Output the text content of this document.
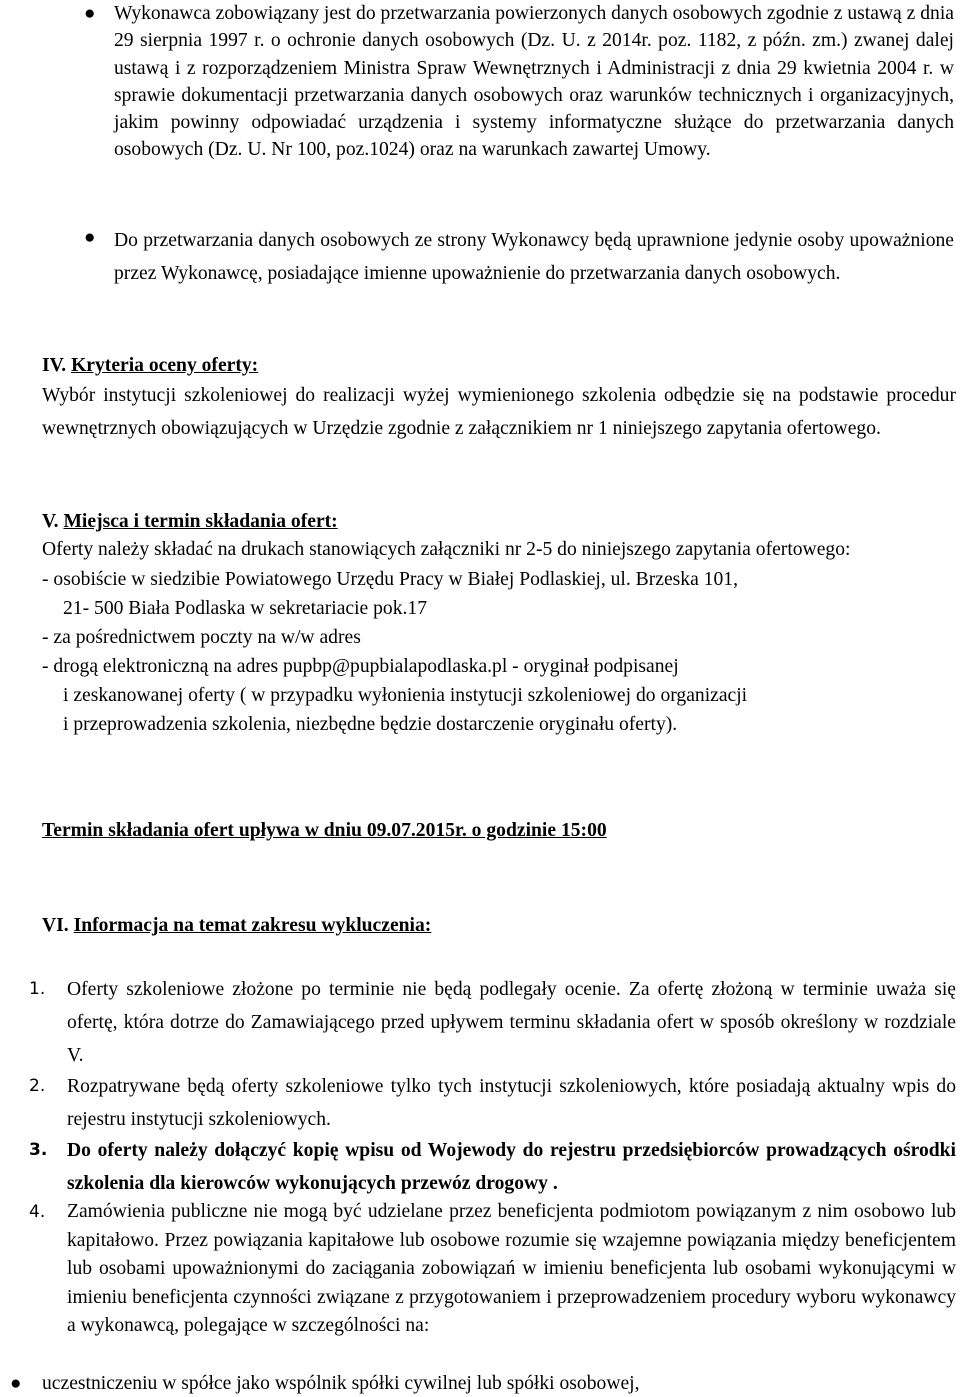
● Wykonawca zobowiązany jest do przetwarzania powierzonych danych osobowych zgodnie z ustawą z dnia 29 sierpnia 1997 r. o ochronie danych osobowych (Dz. U. z 2014r. poz. 1182, z późn. zm.) zwanej dalej ustawą i z rozporządzeniem Ministra Spraw Wewnętrznych i Administracji z dnia 29 kwietnia 2004 r. w sprawie dokumentacji przetwarzania danych osobowych oraz warunków technicznych i organizacyjnych, jakim powinny odpowiadać urządzenia i systemy informatyczne służące do przetwarzania danych osobowych (Dz. U. Nr 100, poz.1024) oraz na warunkach zawartej Umowy.
● Do przetwarzania danych osobowych ze strony Wykonawcy będą uprawnione jedynie osoby upoważnione przez Wykonawcę, posiadające imienne upoważnienie do przetwarzania danych osobowych.
IV. Kryteria oceny oferty:
Wybór instytucji szkoleniowej do realizacji wyżej wymienionego szkolenia odbędzie się na podstawie procedur wewnętrznych obowiązujących w Urzędzie zgodnie z załącznikiem nr 1 niniejszego zapytania ofertowego.
V. Miejsca i termin składania ofert:
Oferty należy składać na drukach stanowiących załączniki nr 2-5 do niniejszego zapytania ofertowego:
- osobiście w siedzibie Powiatowego Urzędu Pracy w Białej Podlaskiej, ul. Brzeska 101,
21- 500 Biała Podlaska w sekretariacie pok.17
- za pośrednictwem poczty na w/w adres
- drogą elektroniczną na adres pupbp@pupbialapodlaska.pl - oryginał podpisanej
i zeskanowanej oferty ( w przypadku wyłonienia instytucji szkoleniowej do organizacji
i przeprowadzenia szkolenia, niezbędne będzie dostarczenie oryginału oferty).
Termin składania ofert upływa w dniu 09.07.2015r. o godzinie 15:00
VI. Informacja na temat zakresu wykluczenia:
1. Oferty szkoleniowe złożone po terminie nie będą podlegały ocenie. Za ofertę złożoną w terminie uważa się ofertę, która dotrze do Zamawiającego przed upływem terminu składania ofert w sposób określony w rozdziale V.
2. Rozpatrywane będą oferty szkoleniowe tylko tych instytucji szkoleniowych, które posiadają aktualny wpis do rejestru instytucji szkoleniowych.
3. Do oferty należy dołączyć kopię wpisu od Wojewody do rejestru przedsiębiorców prowadzących ośrodki szkolenia dla kierowców wykonujących przewóz drogowy .
4. Zamówienia publiczne nie mogą być udzielane przez beneficjenta podmiotom powiązanym z nim osobowo lub kapitałowo. Przez powiązania kapitałowe lub osobowe rozumie się wzajemne powiązania między beneficjentem lub osobami upoważnionymi do zaciągania zobowiązań w imieniu beneficjenta lub osobami wykonującymi w imieniu beneficjenta czynności związane z przygotowaniem i przeprowadzeniem procedury wyboru wykonawcy a wykonawcą, polegające w szczególności na:
● uczestniczeniu w spółce jako wspólnik spółki cywilnej lub spółki osobowej,
